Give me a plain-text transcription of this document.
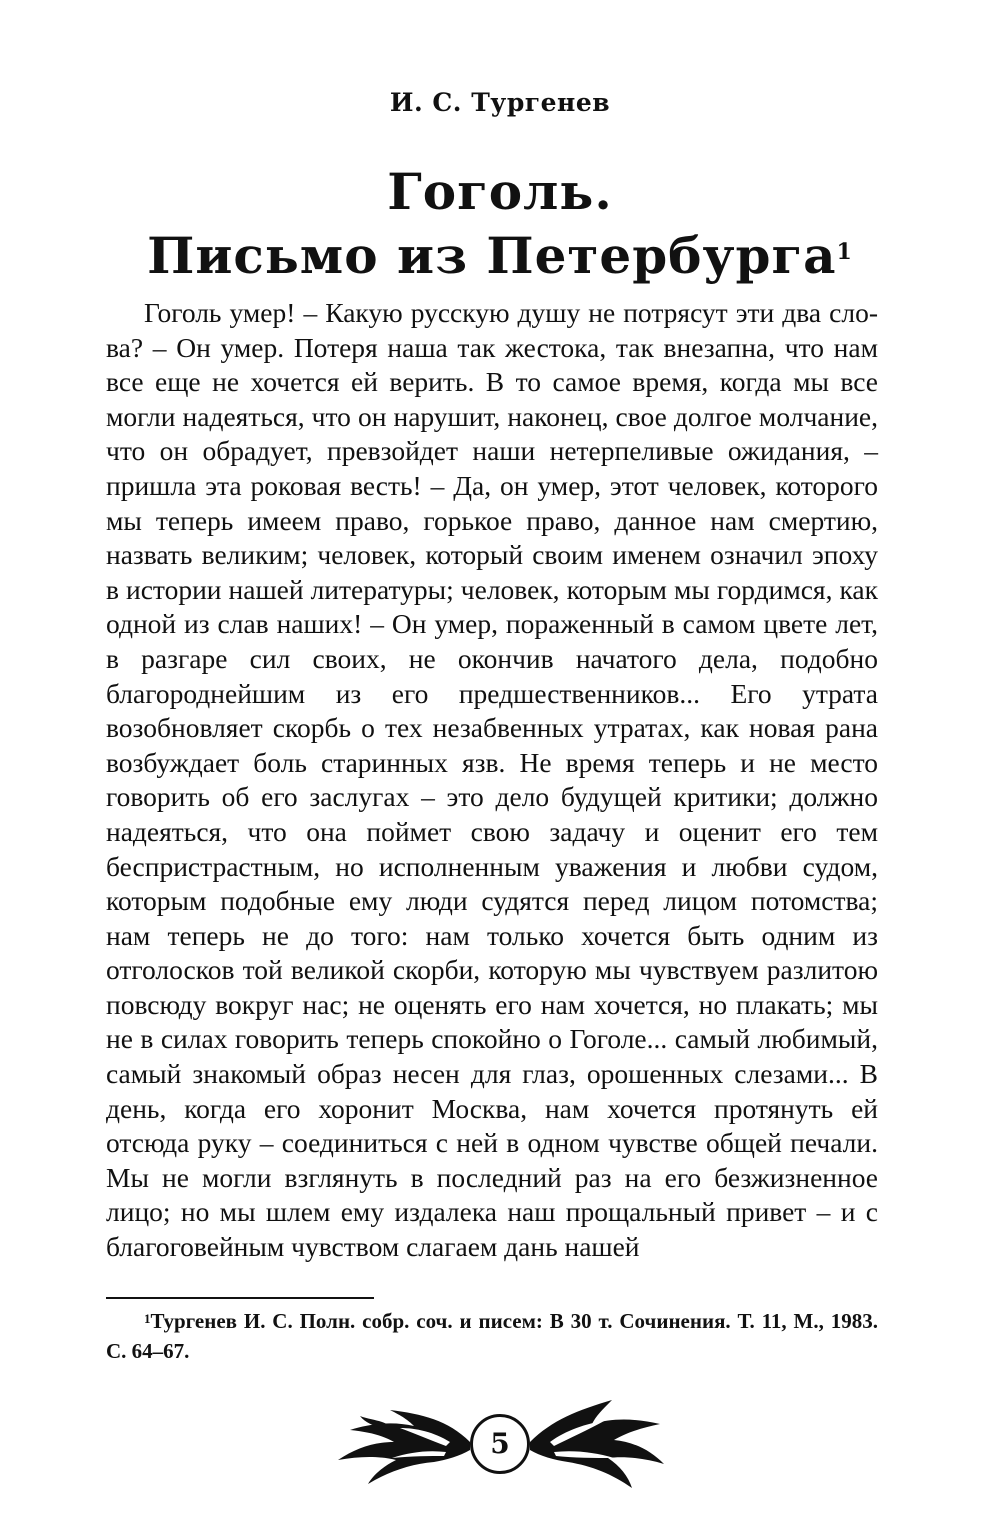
И. С. Тургенев
Гоголь.
Письмо из Петербурга$^1$

Гоголь умер! – Какую русскую душу не потрясут эти два слова? – Он умер. Потеря наша так жестока, так внезапна, что нам все еще не хочется ей верить. В то самое время, когда мы все могли надеяться, что он нарушит, наконец, свое долгое молчание, что он обрадует, превзойдет наши нетерпеливые ожидания, – пришла эта роковая весть! – Да, он умер, этот человек, которого мы теперь имеем право, горькое право, данное нам смертию, назвать великим; человек, который своим именем означил эпоху в истории нашей литературы; человек, которым мы гордимся, как одной из слав наших! – Он умер, пораженный в самом цвете лет, в разгаре сил своих, не окончив начатого дела, подобно благороднейшим из его предшественников... Его утрата возобновляет скорбь о тех незабвенных утратах, как новая рана возбуждает боль старинных язв. Не время теперь и не место говорить об его заслугах – это дело будущей критики; должно надеяться, что она поймет свою задачу и оценит его тем беспристрастным, но исполненным уважения и любви судом, которым подобные ему люди судятся перед лицом потомства; нам теперь не до того: нам только хочется быть одним из отголосков той великой скорби, которую мы чувствуем разлитою повсюду вокруг нас; не оценять его нам хочется, но плакать; мы не в силах говорить теперь спокойно о Гоголе... самый любимый, самый знакомый образ несен для глаз, орошенных слезами... В день, когда его хоронит Москва, нам хочется протянуть ей отсюда руку – соединиться с ней в одном чувстве общей печали. Мы не могли взглянуть в последний раз на его безжизненное лицо; но мы шлем ему издалека наш прощальный привет – и с благоговейным чувством слагаем дань нашей

$^1$Тургенев И. С. Полн. собр. соч. и писем: В 30 т. Сочинения. Т. 11, М., 1983. С. 64–67.

5
